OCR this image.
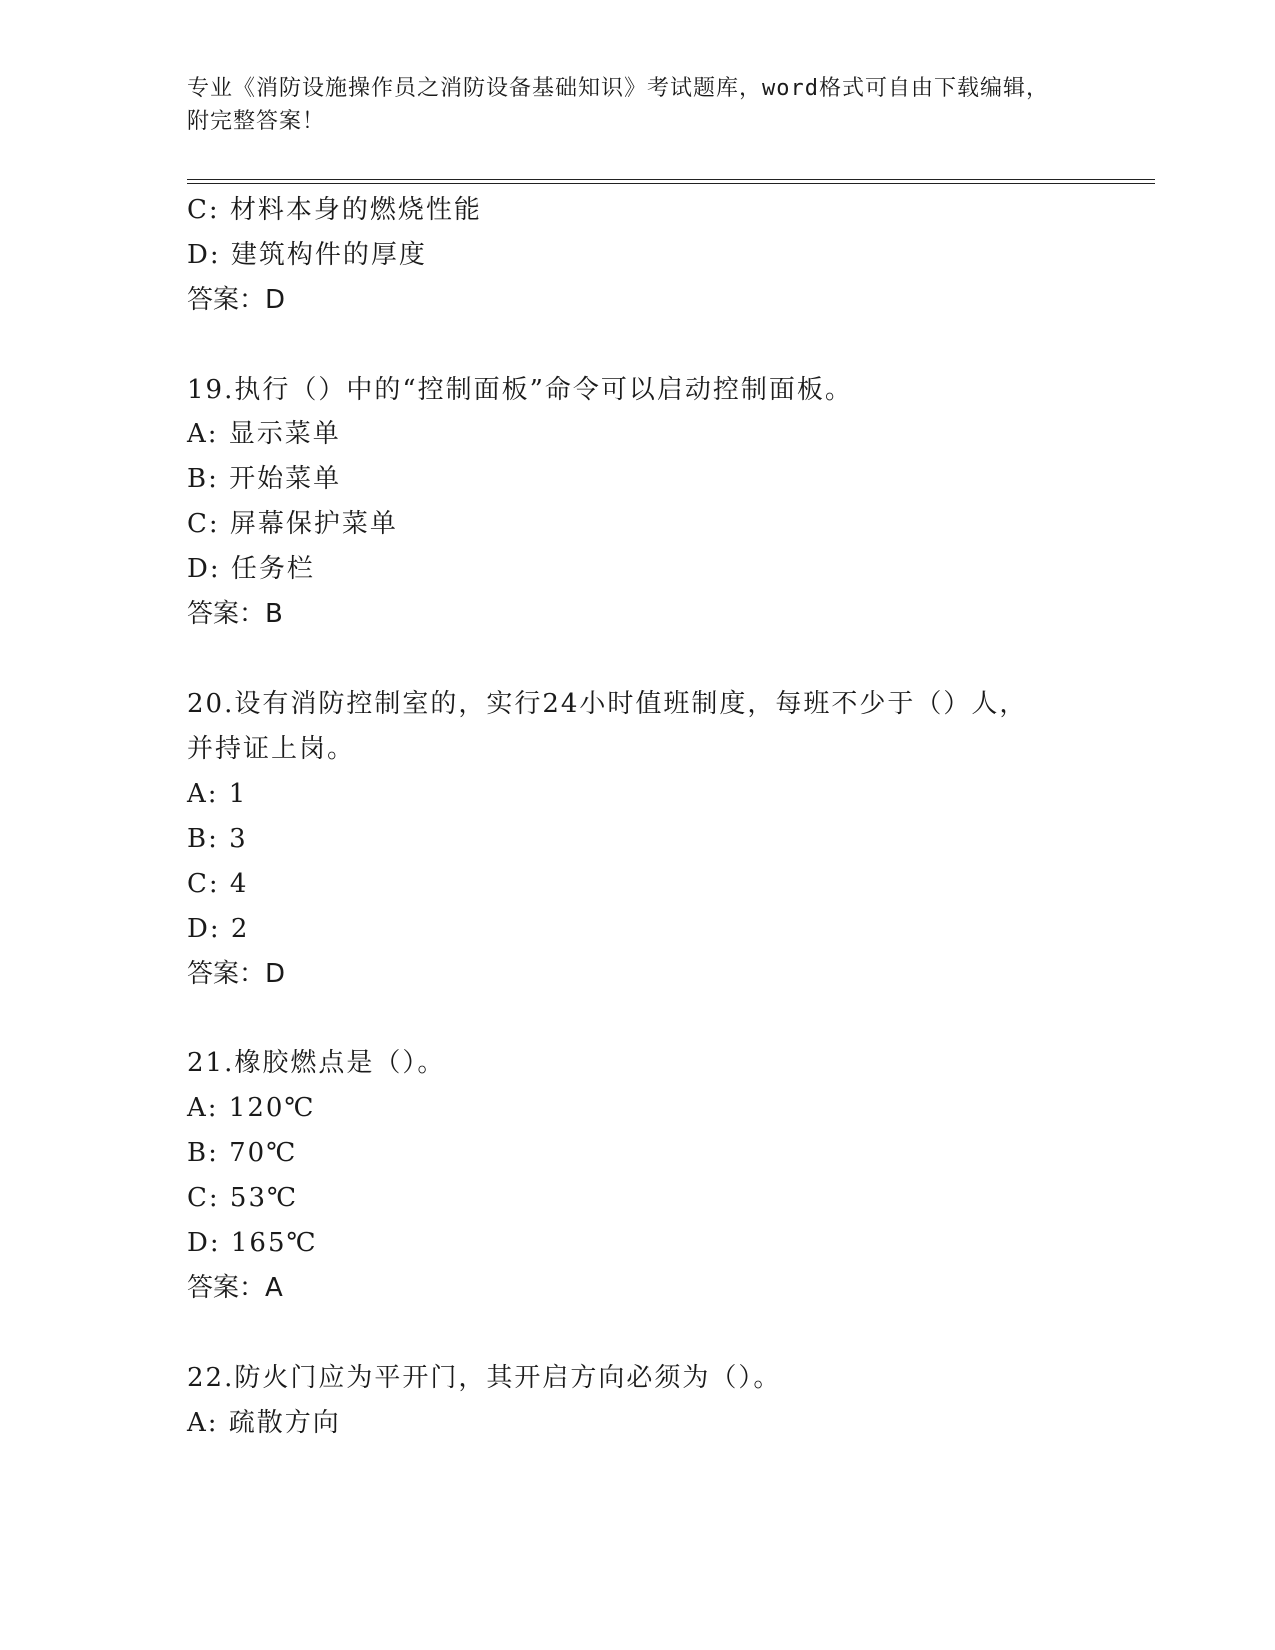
专业《消防设施操作员之消防设备基础知识》考试题库，word格式可自由下载编辑，附完整答案！
C: 材料本身的燃烧性能
D: 建筑构件的厚度
答案：D
19.执行（）中的“控制面板”命令可以启动控制面板。
A: 显示菜单
B: 开始菜单
C: 屏幕保护菜单
D: 任务栏
答案：B
20.设有消防控制室的，实行24小时值班制度，每班不少于（）人，
并持证上岗。
A: 1
B: 3
C: 4
D: 2
答案：D
21.橡胶燃点是（）。
A: 120℃
B: 70℃
C: 53℃
D: 165℃
答案：A
22.防火门应为平开门，其开启方向必须为（）。
A: 疏散方向
